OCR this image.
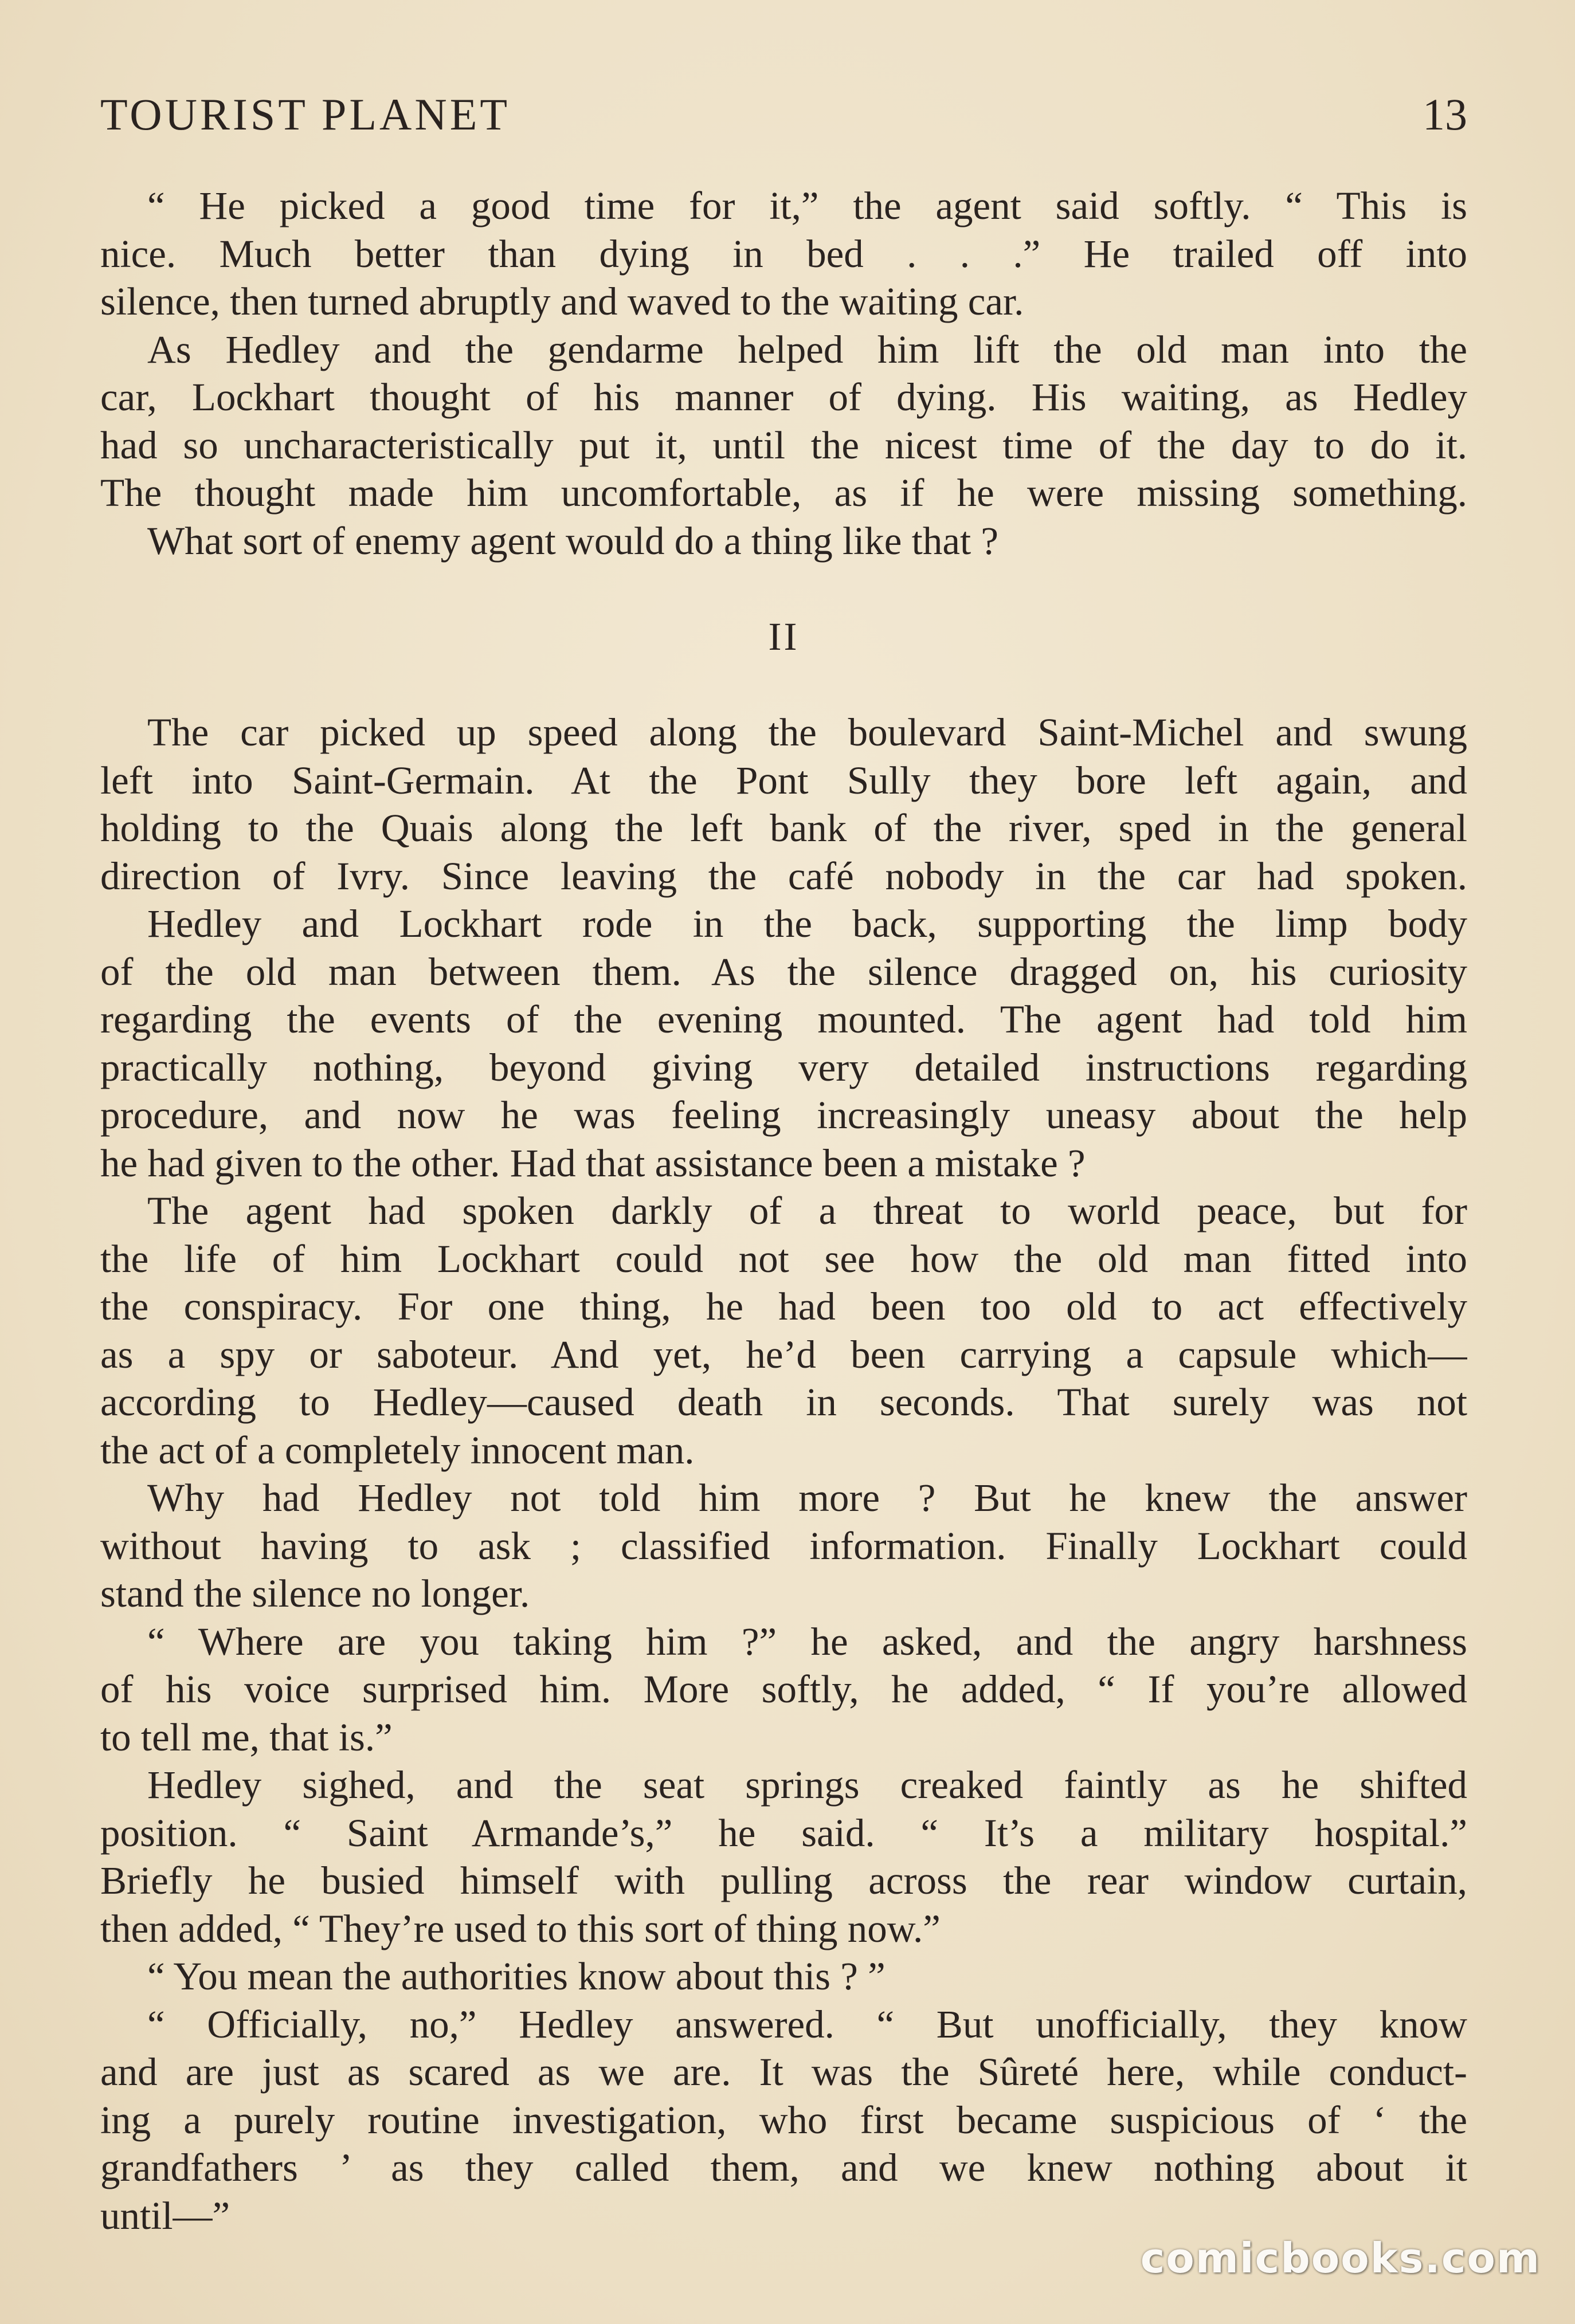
TOURIST PLANET	13
“ He picked a good time for it,” the agent said softly. “ This is
nice. Much better than dying in bed . . .” He trailed off into
silence, then turned abruptly and waved to the waiting car.
As Hedley and the gendarme helped him lift the old man into the
car, Lockhart thought of his manner of dying. His waiting, as Hedley
had so uncharacteristically put it, until the nicest time of the day to do it.
The thought made him uncomfortable, as if he were missing something.
What sort of enemy agent would do a thing like that ?
II
The car picked up speed along the boulevard Saint-Michel and swung
left into Saint-Germain. At the Pont Sully they bore left again, and
holding to the Quais along the left bank of the river, sped in the general
direction of Ivry. Since leaving the café nobody in the car had spoken.
Hedley and Lockhart rode in the back, supporting the limp body
of the old man between them. As the silence dragged on, his curiosity
regarding the events of the evening mounted. The agent had told him
practically nothing, beyond giving very detailed instructions regarding
procedure, and now he was feeling increasingly uneasy about the help
he had given to the other. Had that assistance been a mistake ?
The agent had spoken darkly of a threat to world peace, but for
the life of him Lockhart could not see how the old man fitted into
the conspiracy. For one thing, he had been too old to act effectively
as a spy or saboteur. And yet, he’d been carrying a capsule which—
according to Hedley—caused death in seconds. That surely was not
the act of a completely innocent man.
Why had Hedley not told him more ? But he knew the answer
without having to ask ; classified information. Finally Lockhart could
stand the silence no longer.
“ Where are you taking him ?” he asked, and the angry harshness
of his voice surprised him. More softly, he added, “ If you’re allowed
to tell me, that is.”
Hedley sighed, and the seat springs creaked faintly as he shifted
position. “ Saint Armande’s,” he said. “ It’s a military hospital.”
Briefly he busied himself with pulling across the rear window curtain,
then added, “ They’re used to this sort of thing now.”
“ You mean the authorities know about this ? ”
“ Officially, no,” Hedley answered. “ But unofficially, they know
and are just as scared as we are. It was the Sûreté here, while conduct-
ing a purely routine investigation, who first became suspicious of ‘ the
grandfathers ’ as they called them, and we knew nothing about it
until—”
comicbooks.com
